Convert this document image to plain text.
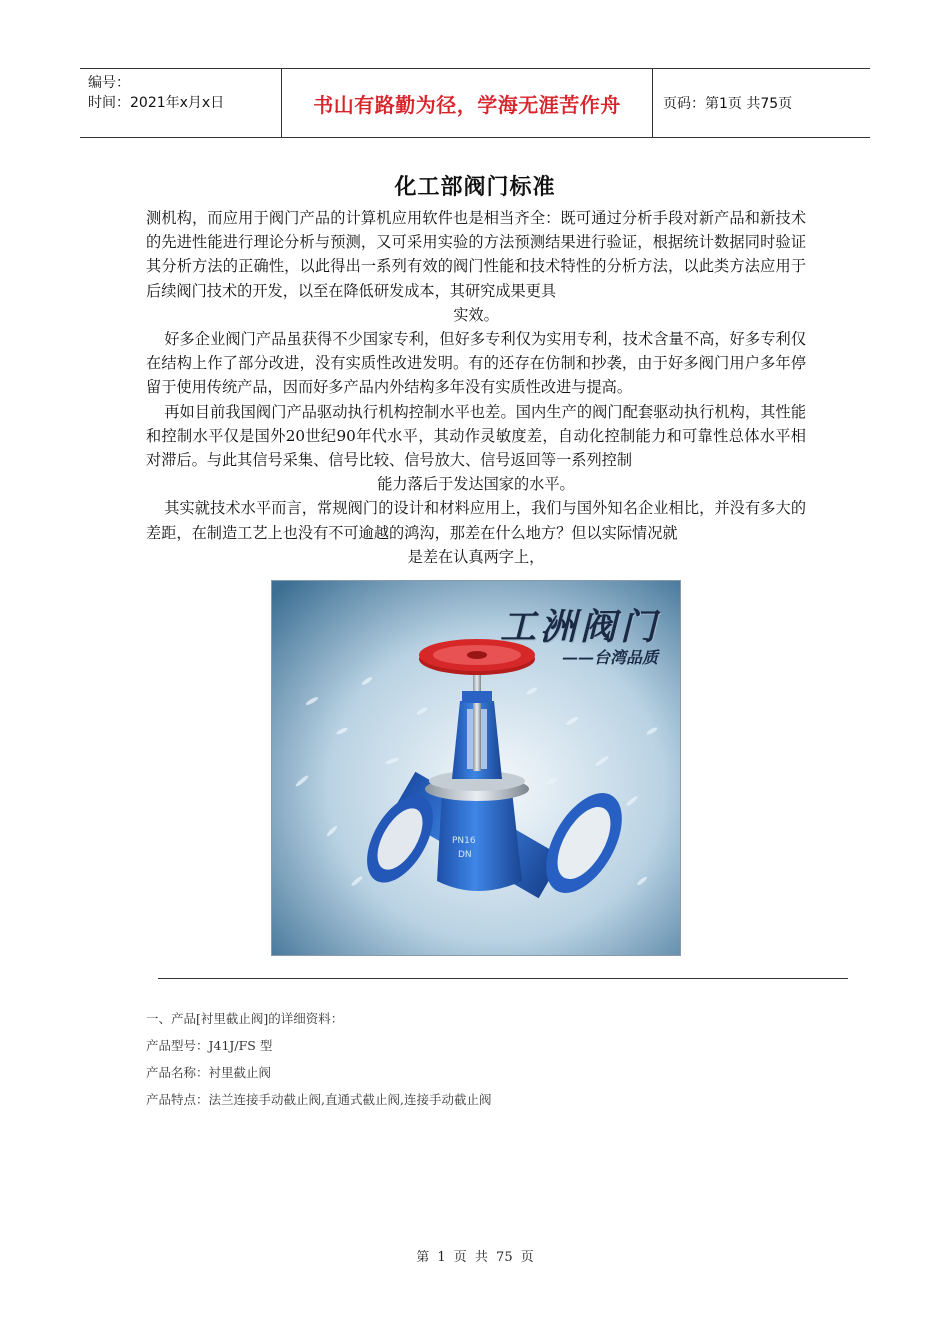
编号：
时间：2021年x月x日	书山有路勤为径，学海无涯苦作舟	页码：第1页 共75页
化工部阀门标准

测机构，而应用于阀门产品的计算机应用软件也是相当齐全：既可通过分析手段对新产品和新技术的先进性能进行理论分析与预测，又可采用实验的方法预测结果进行验证，根据统计数据同时验证其分析方法的正确性，以此得出一系列有效的阀门性能和技术特性的分析方法，以此类方法应用于后续阀门技术的开发，以至在降低研发成本，其研究成果更具

实效。

好多企业阀门产品虽获得不少国家专利，但好多专利仅为实用专利，技术含量不高，好多专利仅在结构上作了部分改进，没有实质性改进发明。有的还存在仿制和抄袭，由于好多阀门用户多年停留于使用传统产品，因而好多产品内外结构多年没有实质性改进与提高。

再如目前我国阀门产品驱动执行机构控制水平也差。国内生产的阀门配套驱动执行机构，其性能和控制水平仅是国外20世纪90年代水平，其动作灵敏度差，自动化控制能力和可靠性总体水平相对滞后。与此其信号采集、信号比较、信号放大、信号返回等一系列控制

能力落后于发达国家的水平。

其实就技术水平而言，常规阀门的设计和材料应用上，我们与国外知名企业相比，并没有多大的差距，在制造工艺上也没有不可逾越的鸿沟，那差在什么地方？但以实际情况就

是差在认真两字上，

PN16
DN
工洲阀门
——台湾品质
一、产品[衬里截止阀]的详细资料：
产品型号：J41J/FS 型
产品名称：衬里截止阀
产品特点：法兰连接手动截止阀,直通式截止阀,连接手动截止阀
第 1 页 共 75 页
